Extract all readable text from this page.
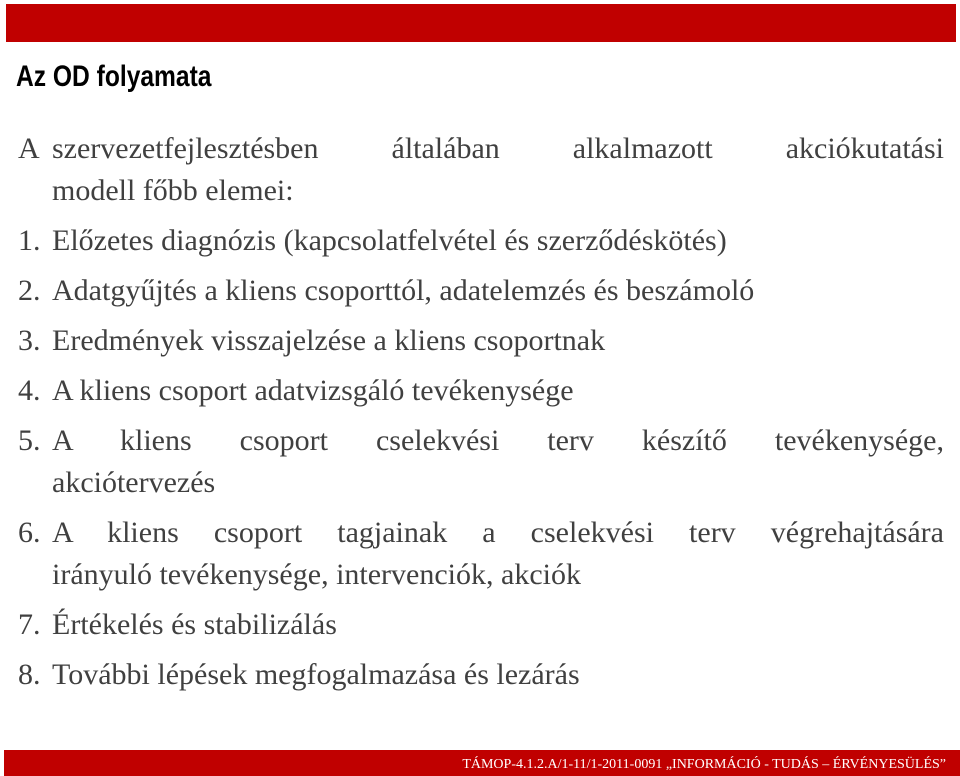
Az OD folyamata
A szervezetfejlesztésben általában alkalmazott akciókutatási
modell főbb elemei:
1. Előzetes diagnózis (kapcsolatfelvétel és szerződéskötés)
2. Adatgyűjtés a kliens csoporttól, adatelemzés és beszámoló
3. Eredmények visszajelzése a kliens csoportnak
4. A kliens csoport adatvizsgáló tevékenysége
5. A kliens csoport cselekvési terv készítő tevékenysége,
akciótervezés
6. A kliens csoport tagjainak a cselekvési terv végrehajtására
irányuló tevékenysége, intervenciók, akciók
7. Értékelés és stabilizálás
8. További lépések megfogalmazása és lezárás
TÁMOP-4.1.2.A/1-11/1-2011-0091 „INFORMÁCIÓ - TUDÁS – ÉRVÉNYESÜLÉS”
